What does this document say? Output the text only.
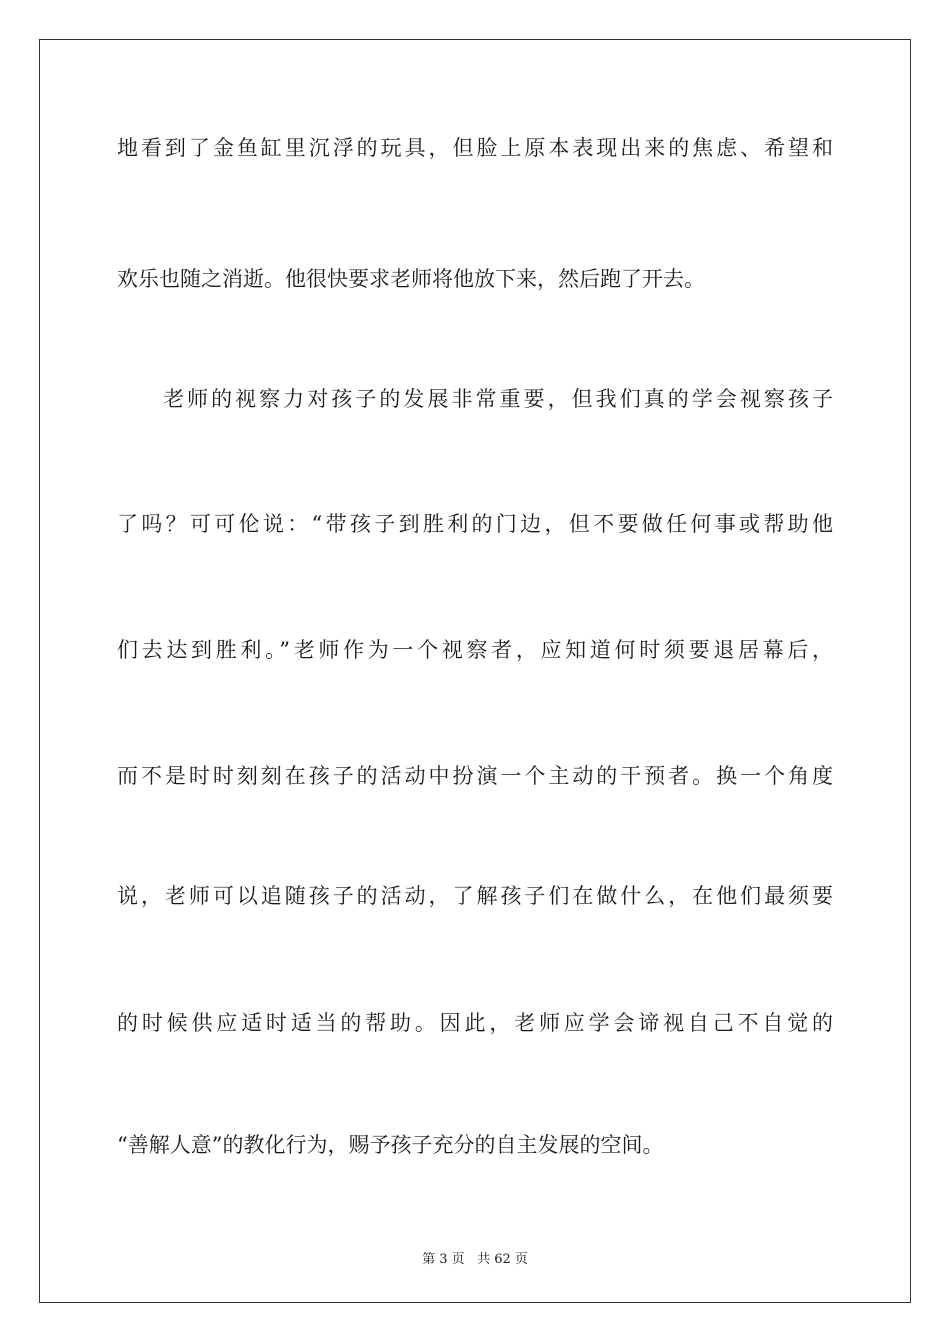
地看到了金鱼缸里沉浮的玩具，但脸上原本表现出来的焦虑、希望和

欢乐也随之消逝。他很快要求老师将他放下来，然后跑了开去。

老师的视察力对孩子的发展非常重要，但我们真的学会视察孩子

了吗？可可伦说：“带孩子到胜利的门边，但不要做任何事或帮助他

们去达到胜利。”老师作为一个视察者，应知道何时须要退居幕后，

而不是时时刻刻在孩子的活动中扮演一个主动的干预者。换一个角度

说，老师可以追随孩子的活动，了解孩子们在做什么，在他们最须要

的时候供应适时适当的帮助。因此，老师应学会谛视自己不自觉的

“善解人意”的教化行为，赐予孩子充分的自主发展的空间。

第 3 页 共 62 页
